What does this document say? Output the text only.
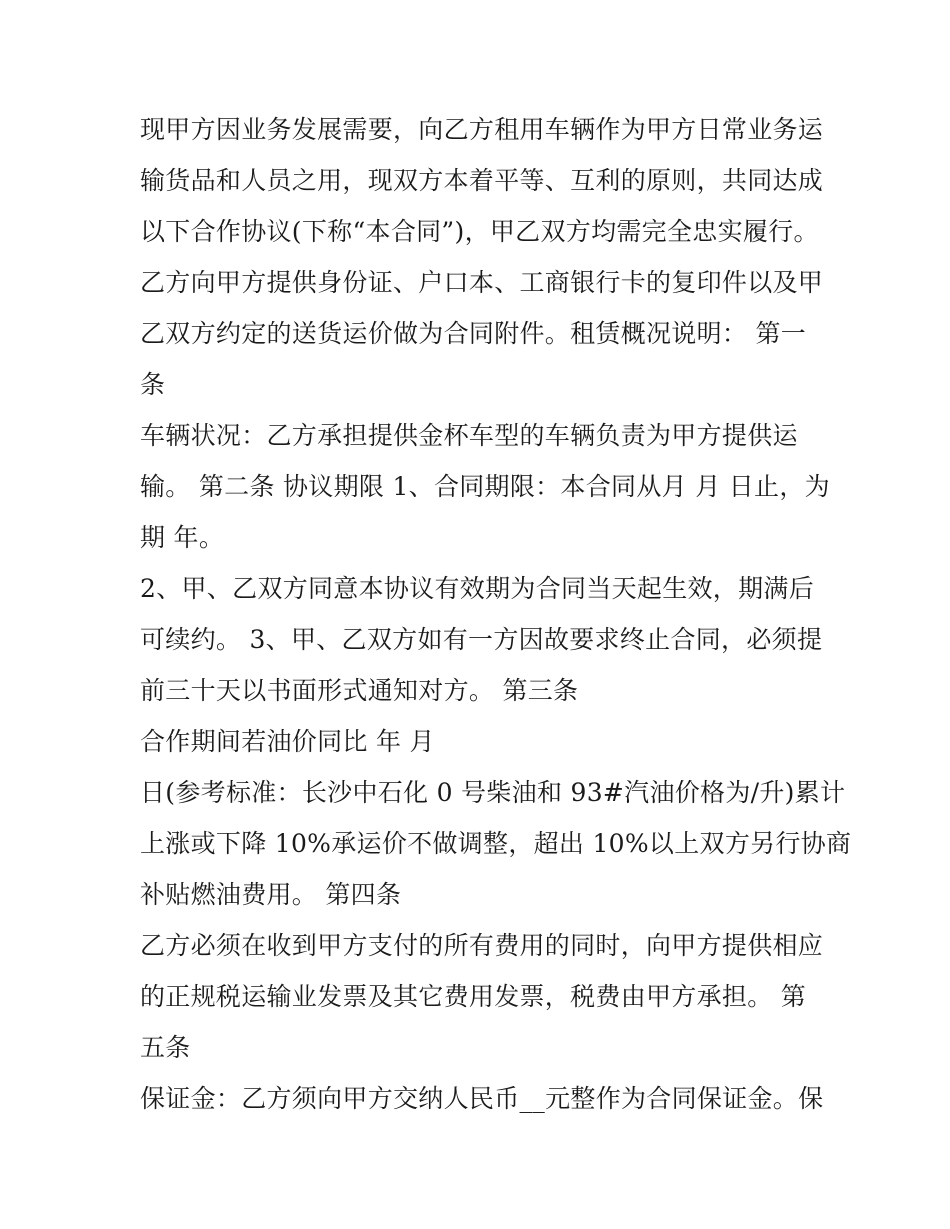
现甲方因业务发展需要，向乙方租用车辆作为甲方日常业务运
输货品和人员之用，现双方本着平等、互利的原则，共同达成
以下合作协议(下称“本合同”)，甲乙双方均需完全忠实履行。
乙方向甲方提供身份证、户口本、工商银行卡的复印件以及甲
乙双方约定的送货运价做为合同附件。租赁概况说明： 第一
条
车辆状况：乙方承担提供金杯车型的车辆负责为甲方提供运
输。 第二条 协议期限 1、合同期限：本合同从月 月 日止，为
期 年。
2、甲、乙双方同意本协议有效期为合同当天起生效，期满后
可续约。 3、甲、乙双方如有一方因故要求终止合同，必须提
前三十天以书面形式通知对方。 第三条
合作期间若油价同比 年 月
日(参考标准：长沙中石化 0 号柴油和 93#汽油价格为/升)累计
上涨或下降 10%承运价不做调整，超出 10%以上双方另行协商
补贴燃油费用。 第四条
乙方必须在收到甲方支付的所有费用的同时，向甲方提供相应
的正规税运输业发票及其它费用发票，税费由甲方承担。 第
五条
保证金：乙方须向甲方交纳人民币__元整作为合同保证金。保
